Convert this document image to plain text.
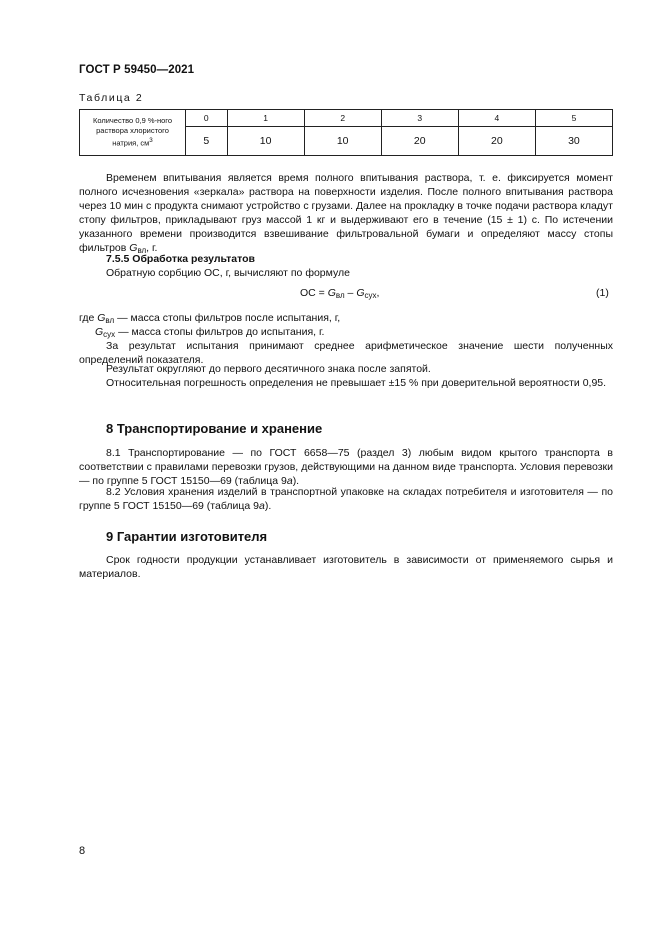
ГОСТ Р 59450—2021
Таблица 2
Количество 0,9 %-ного
раствора хлористого
натрия, $см^3$	0	1	2	3	4	5
	5	10	10	20	20	30
Временем впитывания является время полного впитывания раствора, т. е. фиксируется момент полного исчезновения «зеркала» раствора на поверхности изделия. После полного впитывания раствора через 10 мин с продукта снимают устройство с грузами. Далее на прокладку в точке подачи раствора кладут стопу фильтров, прикладывают груз массой 1 кг и выдерживают его в течение (15 ± 1) с. По истечении указанного времени производится взвешивание фильтровальной бумаги и определяют массу стопы фильтров $G_{вл}$, г.
7.5.5 Обработка результатов
Обратную сорбцию ОС, г, вычисляют по формуле
ОС = $G_{вл} - G_{сух}$,	(1)
где $G_{вл}$ — масса стопы фильтров после испытания, г,
$G_{сух}$ — масса стопы фильтров до испытания, г.
За результат испытания принимают среднее арифметическое значение шести полученных определений показателя.
Результат округляют до первого десятичного знака после запятой.
Относительная погрешность определения не превышает ±15 % при доверительной вероятности 0,95.
8 Транспортирование и хранение
8.1 Транспортирование — по ГОСТ 6658—75 (раздел 3) любым видом крытого транспорта в соответствии с правилами перевозки грузов, действующими на данном виде транспорта. Условия перевозки — по группе 5 ГОСТ 15150—69 (таблица 9а).
8.2 Условия хранения изделий в транспортной упаковке на складах потребителя и изготовителя — по группе 5 ГОСТ 15150—69 (таблица 9а).
9 Гарантии изготовителя
Срок годности продукции устанавливает изготовитель в зависимости от применяемого сырья и материалов.
8
